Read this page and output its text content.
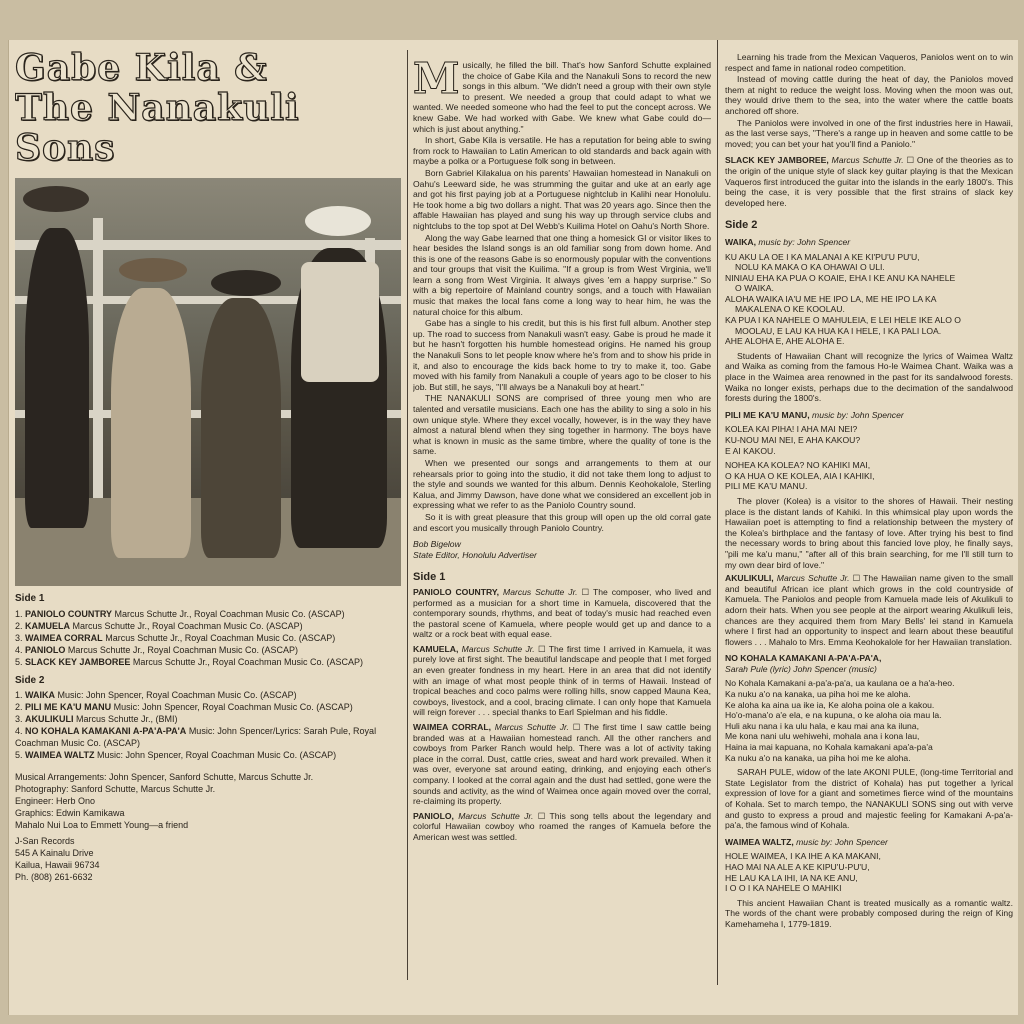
Gabe Kila &
The Nanakuli Sons
Side 1
1. PANIOLO COUNTRY Marcus Schutte Jr., Royal Coachman Music Co. (ASCAP)
2. KAMUELA Marcus Schutte Jr., Royal Coachman Music Co. (ASCAP)
3. WAIMEA CORRAL Marcus Schutte Jr., Royal Coachman Music Co. (ASCAP)
4. PANIOLO Marcus Schutte Jr., Royal Coachman Music Co. (ASCAP)
5. SLACK KEY JAMBOREE Marcus Schutte Jr., Royal Coachman Music Co. (ASCAP)
Side 2
1. WAIKA Music: John Spencer, Royal Coachman Music Co. (ASCAP)
2. PILI ME KA'U MANU Music: John Spencer, Royal Coachman Music Co. (ASCAP)
3. AKULIKULI Marcus Schutte Jr., (BMI)
4. NO KOHALA KAMAKANI A-PA'A-PA'A Music: John Spencer/Lyrics: Sarah Pule, Royal Coachman Music Co. (ASCAP)
5. WAIMEA WALTZ Music: John Spencer, Royal Coachman Music Co. (ASCAP)
Musical Arrangements: John Spencer, Sanford Schutte, Marcus Schutte Jr.
Photography: Sanford Schutte, Marcus Schutte Jr.
Engineer: Herb Ono
Graphics: Edwin Kamikawa
Mahalo Nui Loa to Emmett Young—a friend
J-San Records
545 A Kainalu Drive
Kailua, Hawaii 96734
Ph. (808) 261-6632

Musically, he filled the bill. That's how Sanford Schutte explained the choice of Gabe Kila and the Nanakuli Sons to record the new songs in this album. "We didn't need a group with their own style to present. We needed a group that could adapt to what we wanted. We needed someone who had the feel to put the concept across. We knew Gabe. We had worked with Gabe. We knew what Gabe could do—which is just about anything."

In short, Gabe Kila is versatile. He has a reputation for being able to swing from rock to Hawaiian to Latin American to old standards and back again with maybe a polka or a Portuguese folk song in between.

Born Gabriel Kilakalua on his parents' Hawaiian homestead in Nanakuli on Oahu's Leeward side, he was strumming the guitar and uke at an early age and got his first paying job at a Portuguese nightclub in Kalihi near Honolulu. He took home a big two dollars a night. That was 20 years ago. Since then the affable Hawaiian has played and sung his way up through service clubs and nightclubs to the top spot at Del Webb's Kuilima Hotel on Oahu's North Shore.

Along the way Gabe learned that one thing a homesick GI or visitor likes to hear besides the Island songs is an old familiar song from down home. And this is one of the reasons Gabe is so enormously popular with the conventions and tour groups that visit the Kuilima. "If a group is from West Virginia, we'll learn a song from West Virginia. It always gives 'em a happy surprise." So with a big repertoire of Mainland country songs, and a touch with Hawaiian music that makes the local fans come a long way to hear him, he was the natural choice for this album.

Gabe has a single to his credit, but this is his first full album. Another step up. The road to success from Nanakuli wasn't easy. Gabe is proud he made it but he hasn't forgotten his humble homestead origins. He named his group the Nanakuli Sons to let people know where he's from and to show his pride in it, and also to encourage the kids back home to try to make it, too. Gabe moved with his family from Nanakuli a couple of years ago to be closer to his job. But still, he says, "I'll always be a Nanakuli boy at heart."

THE NANAKULI SONS are comprised of three young men who are talented and versatile musicians. Each one has the ability to sing a solo in his own unique style. Where they excel vocally, however, is in the way they have almost a natural blend when they sing together in harmony. The boys have what is known in music as the same timbre, where the quality of tone is the same.

When we presented our songs and arrangements to them at our rehearsals prior to going into the studio, it did not take them long to adjust to the style and sounds we wanted for this album. Dennis Keohokalole, Sterling Kalua, and Jimmy Dawson, have done what we considered an excellent job in expressing what we refer to as the Paniolo Country sound.

So it is with great pleasure that this group will open up the old corral gate and escort you musically through Paniolo Country.

Bob Bigelow
State Editor, Honolulu Advertiser
Side 1

PANIOLO COUNTRY, Marcus Schutte Jr. ☐ The composer, who lived and performed as a musician for a short time in Kamuela, discovered that the contemporary sounds, rhythms, and beat of today's music had reached even the pastoral scene of Kamuela, where people would get up and dance to a waltz or a rock beat with equal ease.

KAMUELA, Marcus Schutte Jr. ☐ The first time I arrived in Kamuela, it was purely love at first sight. The beautiful landscape and people that I met forged an even greater fondness in my heart. Here in an area that did not identify with an image of what most people think of in terms of Hawaii. Instead of tropical beaches and coco palms were rolling hills, snow capped Mauna Kea, cowboys, livestock, and a cool, bracing climate. I can only hope that Kamuela will reign forever . . . special thanks to Earl Spielman and his fiddle.

WAIMEA CORRAL, Marcus Schutte Jr. ☐ The first time I saw cattle being branded was at a Hawaiian homestead ranch. All the other ranchers and cowboys from Parker Ranch would help. There was a lot of activity taking place in the corral. Dust, cattle cries, sweat and hard work prevailed. When it was over, everyone sat around eating, drinking, and enjoying each other's company. I looked at the corral again and the dust had settled, gone were the sounds and activity, as the wind of Waimea once again moved over the corral, re-claiming its property.

PANIOLO, Marcus Schutte Jr. ☐ This song tells about the legendary and colorful Hawaiian cowboy who roamed the ranges of Kamuela before the American west was settled.

Learning his trade from the Mexican Vaqueros, Paniolos went on to win respect and fame in national rodeo competition.

Instead of moving cattle during the heat of day, the Paniolos moved them at night to reduce the weight loss. Moving when the moon was out, they would drive them to the sea, into the water where the cattle boats anchored off shore.

The Paniolos were involved in one of the first industries here in Hawaii, as the last verse says, "There's a range up in heaven and some cattle to be moved; you can bet your hat you'll find a Paniolo."

SLACK KEY JAMBOREE, Marcus Schutte Jr. ☐ One of the theories as to the origin of the unique style of slack key guitar playing is that the Mexican Vaqueros first introduced the guitar into the islands in the early 1800's. This being the case, it is very possible that the first strains of slack key developed here.

Side 2
WAIKA, music by: John Spencer
KU AKU LA OE I KA MALANAI A KE KI'PU'U PU'U,
NOLU KA MAKA O KA OHAWAI O ULI.
NINIAU EHA KA PUA O KOAIE, EHA I KE ANU KA NAHELE
O WAIKA.
ALOHA WAIKA IA'U ME HE IPO LA, ME HE IPO LA KA
MAKALENA O KE KOOLAU.
KA PUA I KA NAHELE O MAHULEIA, E LEI HELE IKE ALO O
MOOLAU, E LAU KA HUA KA I HELE, I KA PALI LOA.
AHE ALOHA E, AHE ALOHA E.

Students of Hawaiian Chant will recognize the lyrics of Waimea Waltz and Waika as coming from the famous Ho-le Waimea Chant. Waika was a place in the Waimea area renowned in the past for its sandalwood forests. Waika no longer exists, perhaps due to the decimation of the sandalwood forests during the 1800's.

PILI ME KA'U MANU, music by: John Spencer
KOLEA KAI PIHA! I AHA MAI NEI?
KU-NOU MAI NEI, E AHA KAKOU?
E AI KAKOU.
NOHEA KA KOLEA? NO KAHIKI MAI,
O KA HUA O KE KOLEA, AIA I KAHIKI,
PILI ME KA'U MANU.

The plover (Kolea) is a visitor to the shores of Hawaii. Their nesting place is the distant lands of Kahiki. In this whimsical play upon words the Hawaiian poet is attempting to find a relationship between the mystery of the Kolea's birthplace and the fantasy of love. After trying his best to find the necessary words to bring about this fancied love ploy, he finally says, "pili me ka'u manu," "after all of this brain searching, for me I'll still turn to my own dear bird of love."

AKULIKULI, Marcus Schutte Jr. ☐ The Hawaiian name given to the small and beautiful African ice plant which grows in the cold countryside of Kamuela. The Paniolos and people from Kamuela made leis of Akulikuli to adorn their hats. When you see people at the airport wearing Akulikuli leis, chances are they acquired them from Mary Bells' lei stand in Kamuela where I first had an opportunity to inspect and learn about these beautiful flowers . . . Mahalo to Mrs. Emma Keohokalole for her Hawaiian translation.

NO KOHALA KAMAKANI A-PA'A-PA'A,
Sarah Pule (lyric) John Spencer (music)
No Kohala Kamakani a-pa'a-pa'a, ua kaulana oe a ha'a-heo.
Ka nuku a'o na kanaka, ua piha hoi me ke aloha.
Ke aloha ka aina ua ike ia, Ke aloha poina ole a kakou.
Ho'o-mana'o a'e ela, e na kupuna, o ke aloha oia mau la.
Huli aku nana i ka ulu hala, e kau mai ana ka iluna,
Me kona nani ulu wehiwehi, mohala ana i kona lau,
Haina ia mai kapuana, no Kohala kamakani apa'a-pa'a
Ka nuku a'o na kanaka, ua piha hoi me ke aloha.

SARAH PULE, widow of the late AKONI PULE, (long-time Territorial and State Legislator from the district of Kohala) has put together a lyrical expression of love for a giant and sometimes fierce wind of the mountains of Kohala. Set to march tempo, the NANAKULI SONS sing out with verve and gusto to express a proud and majestic feeling for Kamakani A-pa'a-pa'a, the famous wind of Kohala.

WAIMEA WALTZ, music by: John Spencer
HOLE WAIMEA, I KA IHE A KA MAKANI,
HAO MAI NA ALE A KE KIPU'U-PU'U,
HE LAU KA LA IHI, IA NA KE ANU,
I O O I KA NAHELE O MAHIKI

This ancient Hawaiian Chant is treated musically as a romantic waltz. The words of the chant were probably composed during the reign of King Kamehameha I, 1779-1819.
